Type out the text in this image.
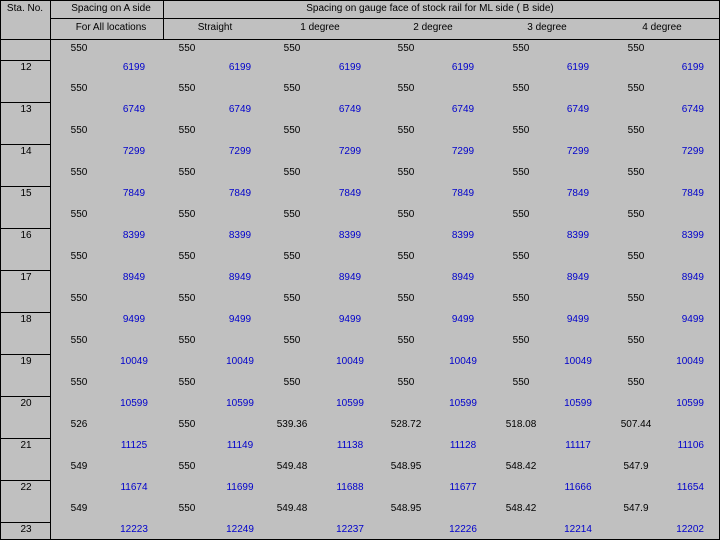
Sta. No.	Spacing on A side	Spacing on gauge face of stock rail for ML side ( B side)
For All locations	Straight	1 degree	2 degree	3 degree	4 degree
550	550	550	550	550	550
12	6199	6199	6199	6199	6199	6199
550	550	550	550	550	550
13	6749	6749	6749	6749	6749	6749
550	550	550	550	550	550
14	7299	7299	7299	7299	7299	7299
550	550	550	550	550	550
15	7849	7849	7849	7849	7849	7849
550	550	550	550	550	550
16	8399	8399	8399	8399	8399	8399
550	550	550	550	550	550
17	8949	8949	8949	8949	8949	8949
550	550	550	550	550	550
18	9499	9499	9499	9499	9499	9499
550	550	550	550	550	550
19	10049	10049	10049	10049	10049	10049
550	550	550	550	550	550
20	10599	10599	10599	10599	10599	10599
526	550	539.36	528.72	518.08	507.44
21	11125	11149	11138	11128	11117	11106
549	550	549.48	548.95	548.42	547.9
22	11674	11699	11688	11677	11666	11654
549	550	549.48	548.95	548.42	547.9
23	12223	12249	12237	12226	12214	12202
